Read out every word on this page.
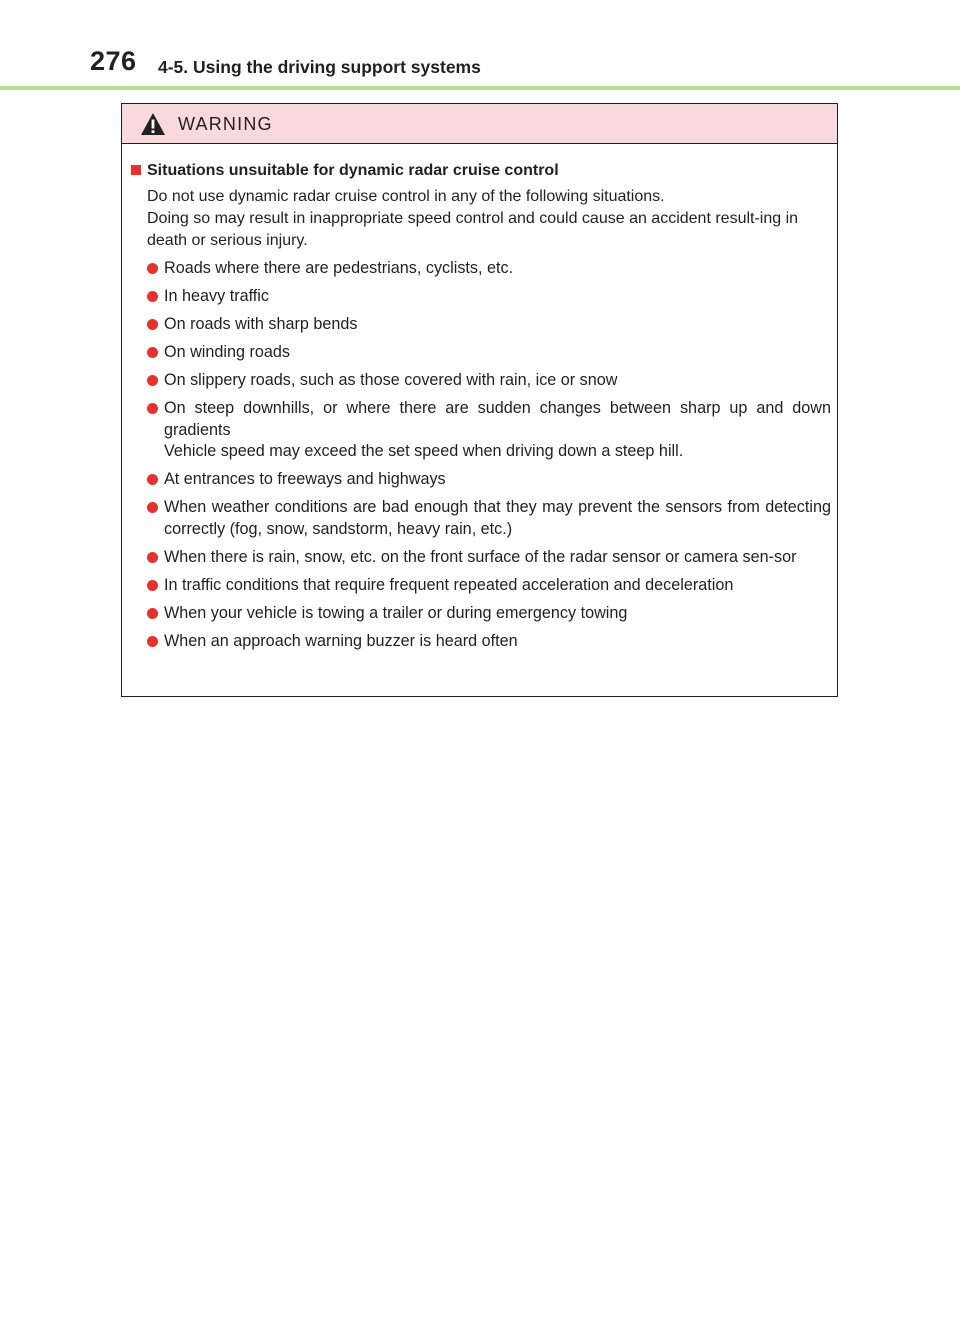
276 4-5. Using the driving support systems
WARNING
Situations unsuitable for dynamic radar cruise control
Do not use dynamic radar cruise control in any of the following situations.
Doing so may result in inappropriate speed control and could cause an accident result-ing in death or serious injury.

Roads where there are pedestrians, cyclists, etc.

In heavy traffic

On roads with sharp bends

On winding roads

On slippery roads, such as those covered with rain, ice or snow

On steep downhills, or where there are sudden changes between sharp up and down gradients

Vehicle speed may exceed the set speed when driving down a steep hill.

At entrances to freeways and highways

When weather conditions are bad enough that they may prevent the sensors from detecting correctly (fog, snow, sandstorm, heavy rain, etc.)

When there is rain, snow, etc. on the front surface of the radar sensor or camera sen-sor

In traffic conditions that require frequent repeated acceleration and deceleration

When your vehicle is towing a trailer or during emergency towing

When an approach warning buzzer is heard often
